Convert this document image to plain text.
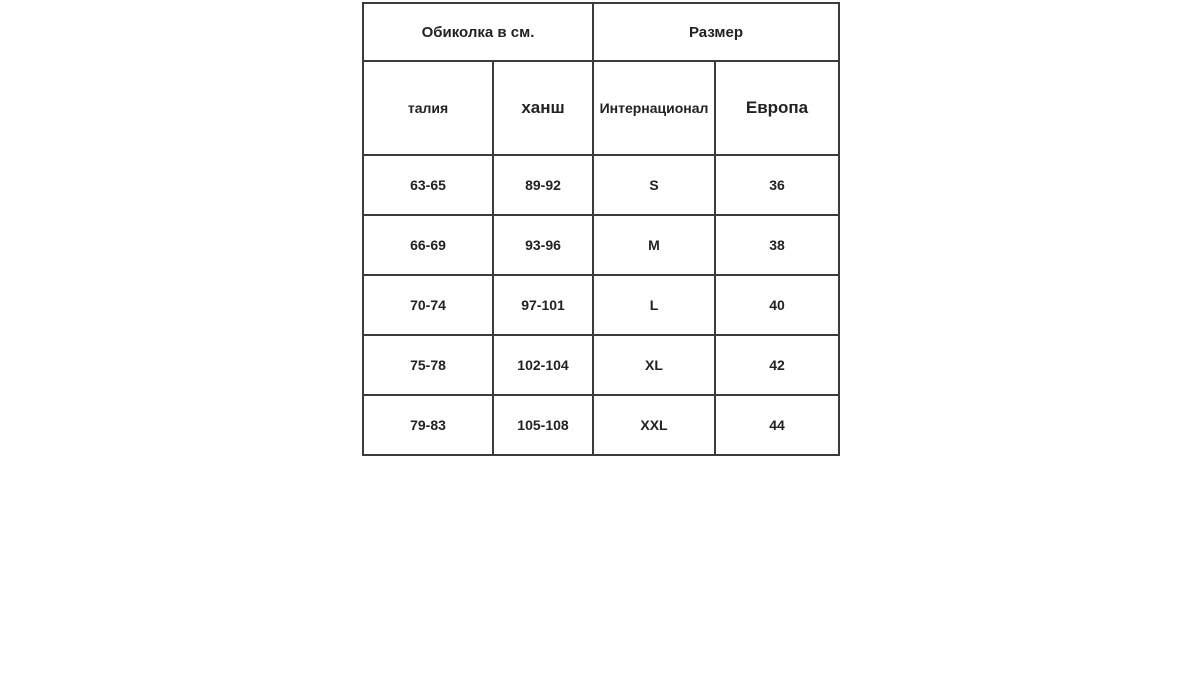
Обиколка в см.		Размер	
талия	ханш	Интернационал	Европа
63-65	89-92	S	36
66-69	93-96	M	38
70-74	97-101	L	40
75-78	102-104	XL	42
79-83	105-108	XXL	44
